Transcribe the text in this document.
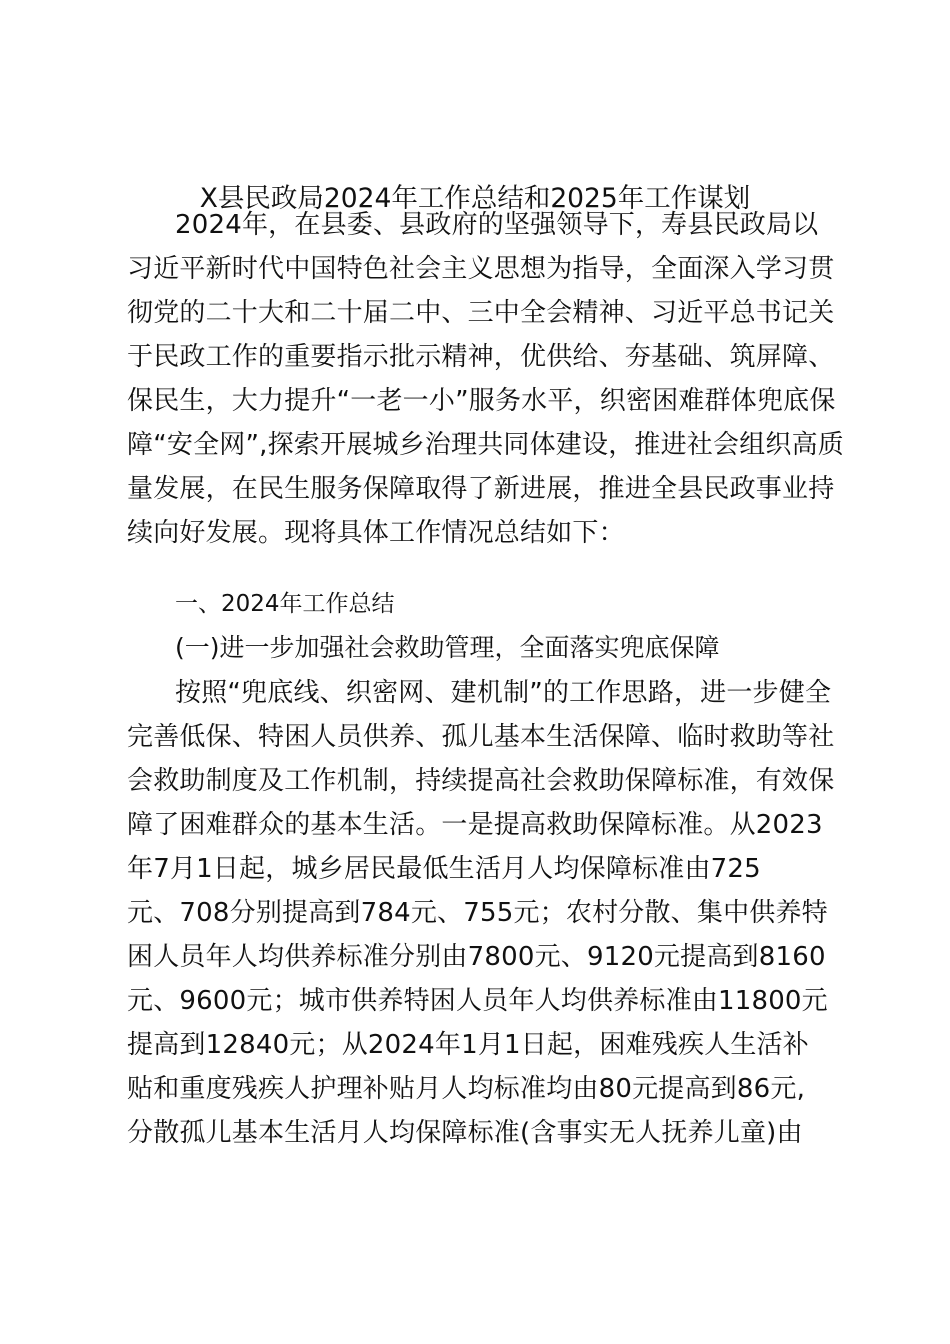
X县民政局2024年工作总结和2025年工作谋划
2024年，在县委、县政府的坚强领导下，寿县民政局以
习近平新时代中国特色社会主义思想为指导，全面深入学习贯
彻党的二十大和二十届二中、三中全会精神、习近平总书记关
于民政工作的重要指示批示精神，优供给、夯基础、筑屏障、
保民生，大力提升“一老一小”服务水平，织密困难群体兜底保
障“安全网”,探索开展城乡治理共同体建设，推进社会组织高质
量发展，在民生服务保障取得了新进展，推进全县民政事业持
续向好发展。现将具体工作情况总结如下：
一、2024年工作总结
(一)进一步加强社会救助管理，全面落实兜底保障
按照“兜底线、织密网、建机制”的工作思路，进一步健全
完善低保、特困人员供养、孤儿基本生活保障、临时救助等社
会救助制度及工作机制，持续提高社会救助保障标准，有效保
障了困难群众的基本生活。一是提高救助保障标准。从2023
年7月1日起，城乡居民最低生活月人均保障标准由725
元、708分别提高到784元、755元；农村分散、集中供养特
困人员年人均供养标准分别由7800元、9120元提高到8160
元、9600元；城市供养特困人员年人均供养标准由11800元
提高到12840元；从2024年1月1日起，困难残疾人生活补
贴和重度残疾人护理补贴月人均标准均由80元提高到86元,
分散孤儿基本生活月人均保障标准(含事实无人抚养儿童)由
